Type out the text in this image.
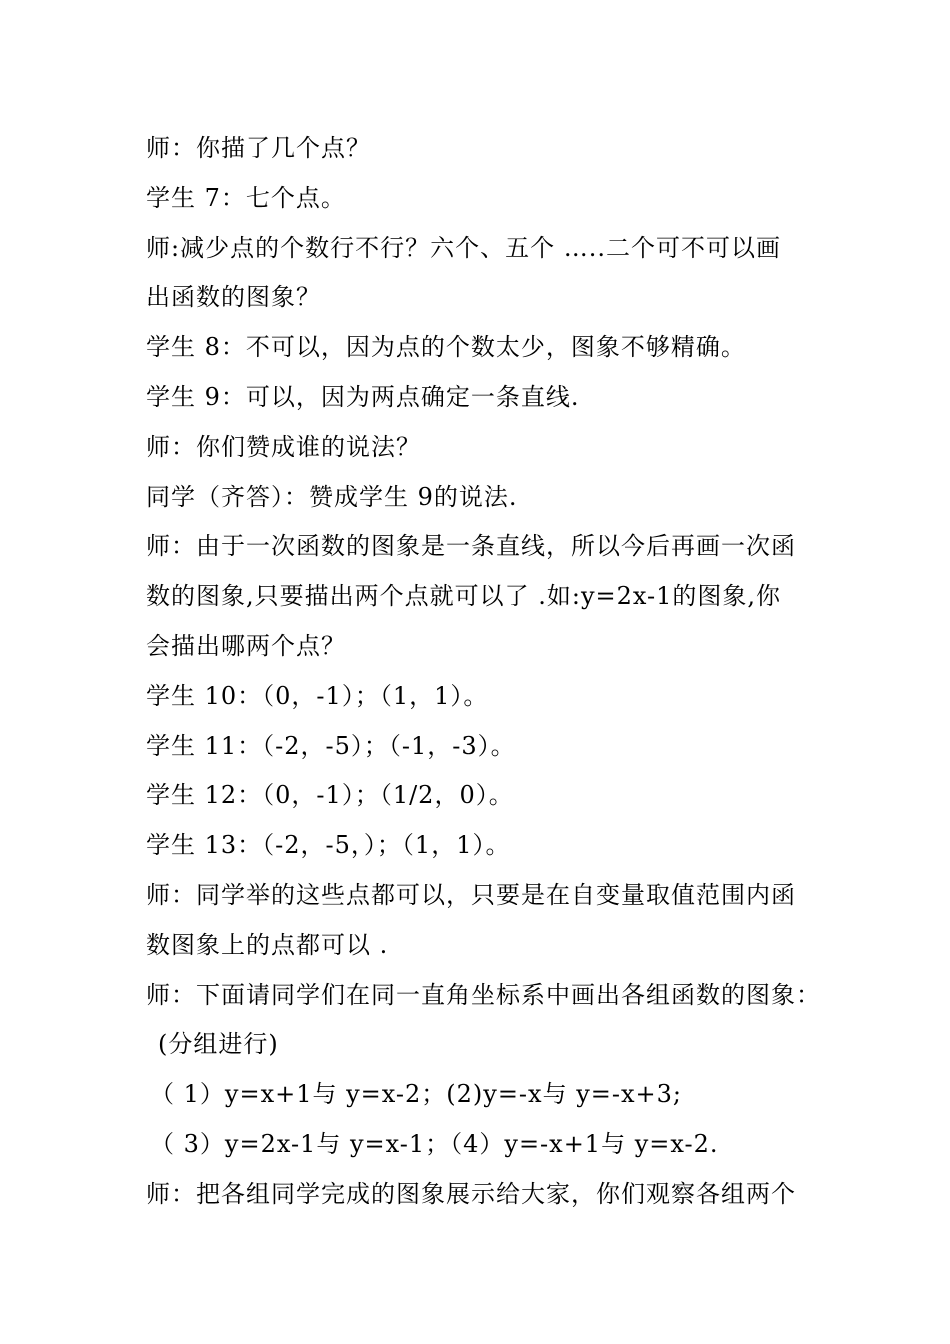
师：你描了几个点？
学生 7：七个点。
师:减少点的个数行不行？六个、五个 …..二个可不可以画
出函数的图象？
学生 8：不可以，因为点的个数太少，图象不够精确。
学生 9：可以，因为两点确定一条直线.
师：你们赞成谁的说法？
同学（齐答）：赞成学生 9的说法.
师：由于一次函数的图象是一条直线，所以今后再画一次函
数的图象,只要描出两个点就可以了 .如:y=2x-1的图象,你
会描出哪两个点？
学生 10：（0，-1）；（1，1）。
学生 11：（-2，-5）；（-1，-3）。
学生 12：（0，-1）；（1/2，0）。
学生 13：（-2，-5，）；（1，1）。
师：同学举的这些点都可以，只要是在自变量取值范围内函
数图象上的点都可以 .
师：下面请同学们在同一直角坐标系中画出各组函数的图象：
(分组进行)
（ 1）y=x+1与 y=x-2；(2)y=-x与 y=-x+3;
（ 3）y=2x-1与 y=x-1；（4）y=-x+1与 y=x-2.
师：把各组同学完成的图象展示给大家，你们观察各组两个
